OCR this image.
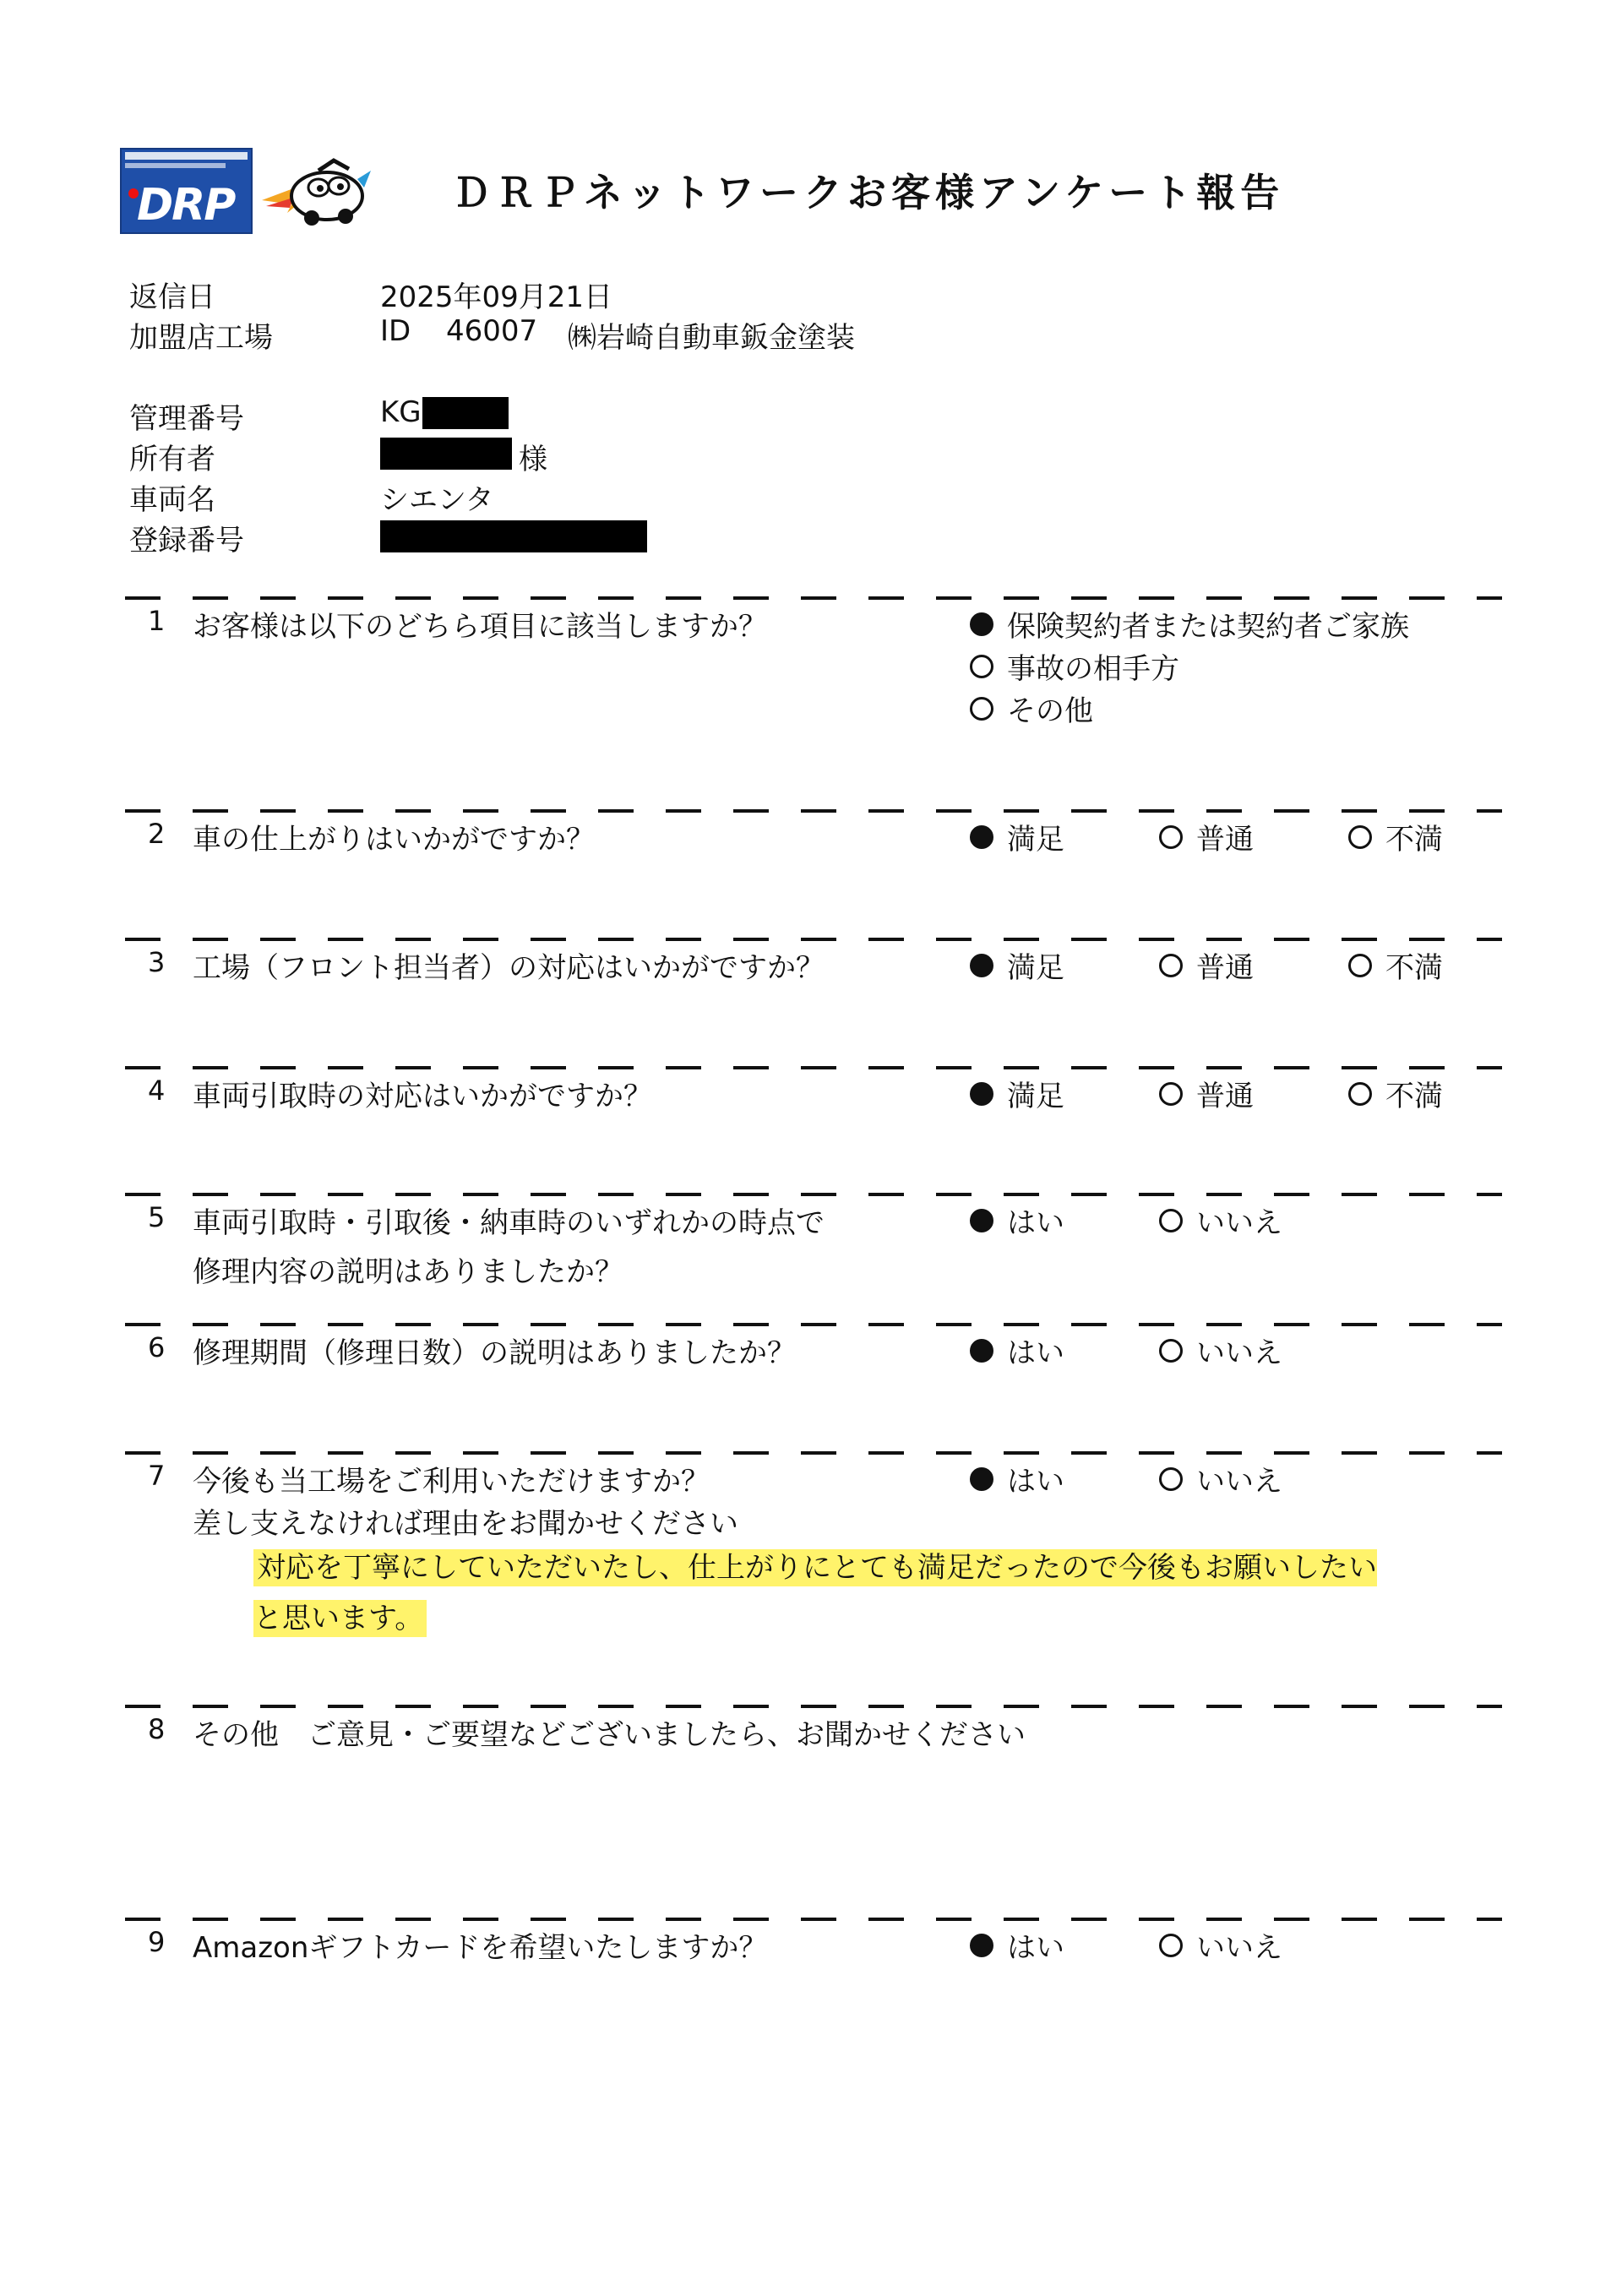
DRP	ＤＲＰネットワークお客様アンケート報告
返信日	2025年09月21日
加盟店工場	ID 46007 ㈱岩崎自動車鈑金塗装
管理番号	KG
所有者	様
車両名	シエンタ
登録番号
1 お客様は以下のどちら項目に該当しますか？	保険契約者または契約者ご家族
事故の相手方
その他
2 車の仕上がりはいかがですか？	満足	普通	不満
3 工場（フロント担当者）の対応はいかがですか？	満足	普通	不満
4 車両引取時の対応はいかがですか？	満足	普通	不満
5 車両引取時・引取後・納車時のいずれかの時点で
修理内容の説明はありましたか？
はい	いいえ
6 修理期間（修理日数）の説明はありましたか？	はい	いいえ
7 今後も当工場をご利用いただけますか？
差し支えなければ理由をお聞かせください
はい	いいえ
対応を丁寧にしていただいたし、仕上がりにとても満足だったので今後もお願いしたいと思います。
8 その他　ご意見・ご要望などございましたら、お聞かせください
9 Amazonギフトカードを希望いたしますか？	はい	いいえ
